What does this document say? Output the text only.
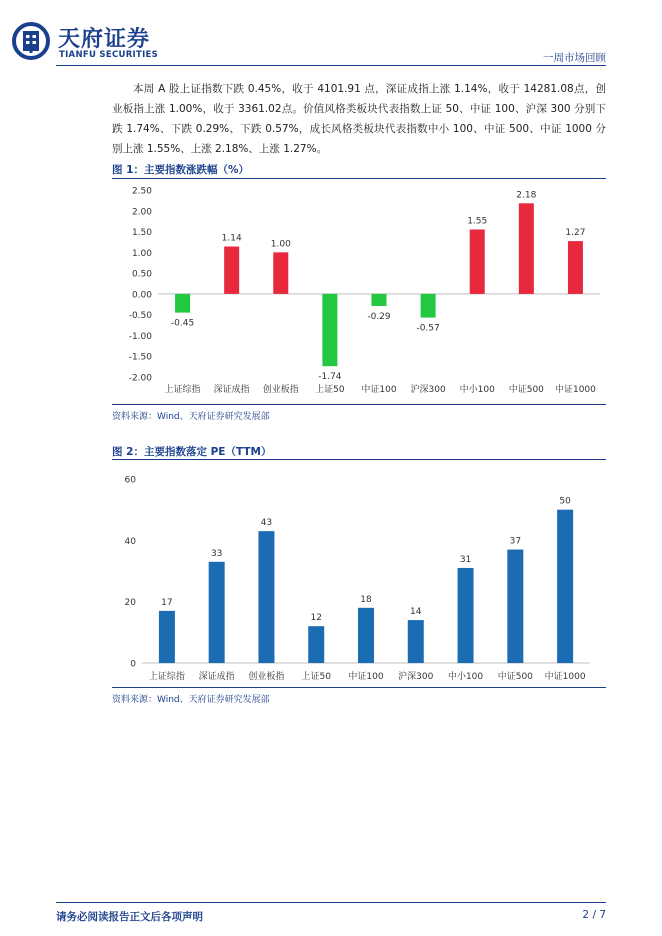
天府证券
TIANFU SECURITIES	一周市场回顾

本周 A 股上证指数下跌 0.45%，收于 4101.91 点，深证成指上涨 1.14%，收于 14281.08点，创业板指上涨 1.00%，收于 3361.02点。价值风格类板块代表指数上证 50、中证 100、沪深 300 分别下跌 1.74%、下跌 0.29%、下跌 0.57%，成长风格类板块代表指数中小 100、中证 500、中证 1000 分别上涨 1.55%、上涨 2.18%、上涨 1.27%。

图 1：主要指数涨跌幅（%）
2.50
2.00
1.50
1.00
0.50
0.00
-0.50
-1.00
-1.50
-2.00
-0.45
上证综指
1.14
深证成指
1.00
创业板指
-1.74
上证50
-0.29
中证100
-0.57
沪深300
1.55
中小100
2.18
中证500
1.27
中证1000
资料来源：Wind、天府证券研究发展部
图 2：主要指数落定 PE（TTM）
60
40
20
0
17
上证综指
33
深证成指
43
创业板指
12
上证50
18
中证100
14
沪深300
31
中小100
37
中证500
50
中证1000
资料来源：Wind、天府证券研究发展部
请务必阅读报告正文后各项声明	2 / 7
